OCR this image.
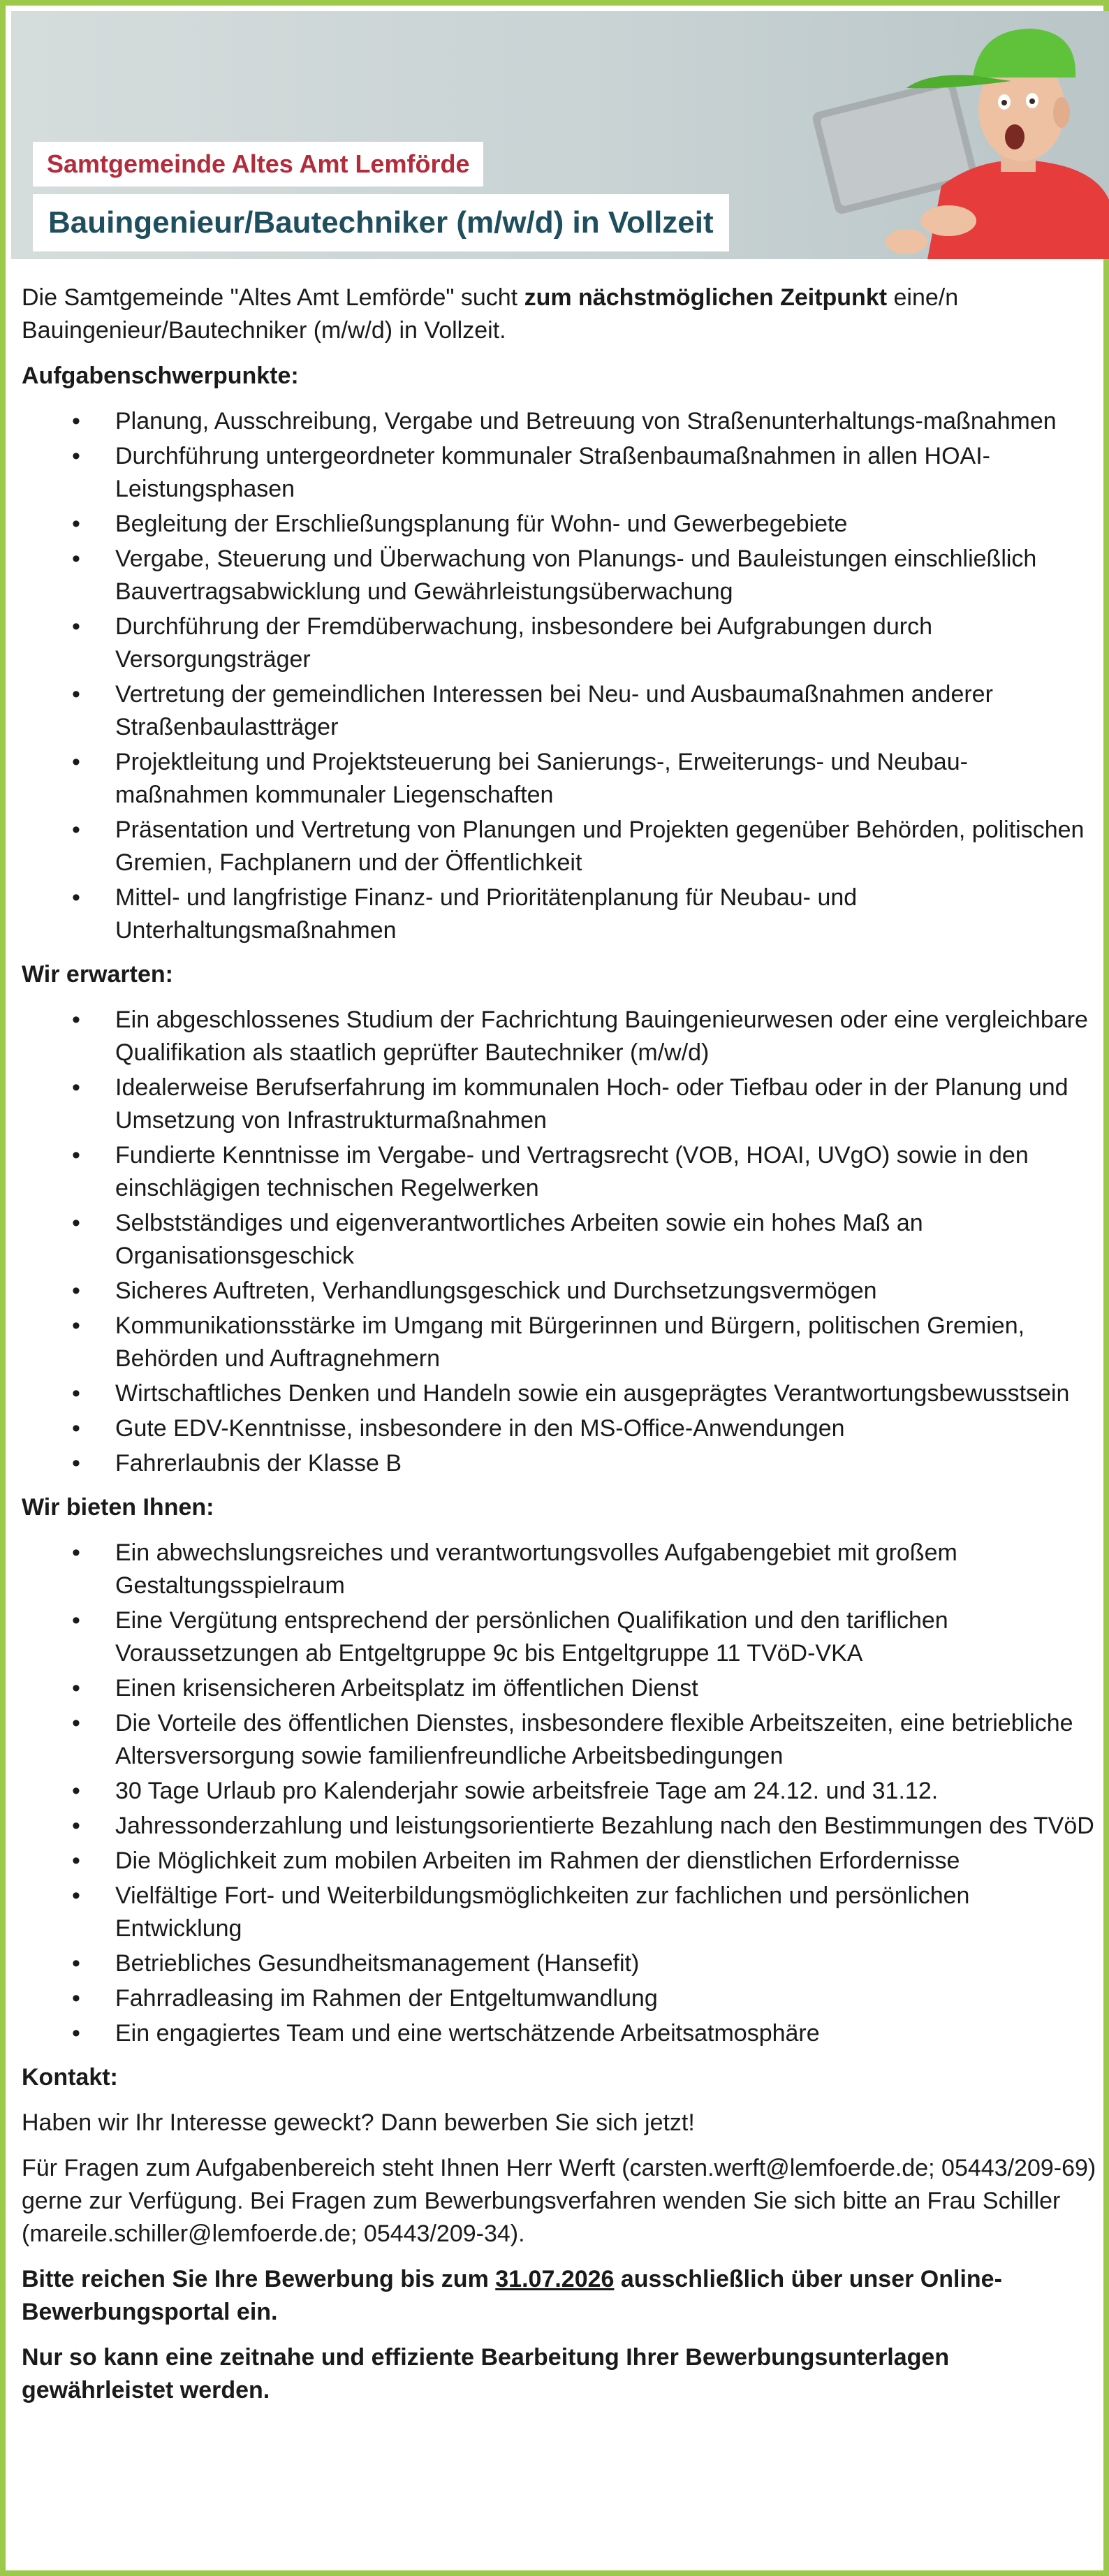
Samtgemeinde Altes Amt Lemförde
Bauingenieur/Bautechniker (m/w/d) in Vollzeit

Die Samtgemeinde "Altes Amt Lemförde" sucht zum nächstmöglichen Zeitpunkt eine/n Bauingenieur/Bautechniker (m/w/d) in Vollzeit.

Aufgabenschwerpunkte:

• Planung, Ausschreibung, Vergabe und Betreuung von Straßenunterhaltungs-maßnahmen
• Durchführung untergeordneter kommunaler Straßenbaumaßnahmen in allen HOAI-Leistungsphasen
• Begleitung der Erschließungsplanung für Wohn- und Gewerbegebiete
• Vergabe, Steuerung und Überwachung von Planungs- und Bauleistungen einschließlich Bauvertragsabwicklung und Gewährleistungsüberwachung
• Durchführung der Fremdüberwachung, insbesondere bei Aufgrabungen durch Versorgungsträger
• Vertretung der gemeindlichen Interessen bei Neu- und Ausbaumaßnahmen anderer Straßenbaulastträger
• Projektleitung und Projektsteuerung bei Sanierungs-, Erweiterungs- und Neubau-maßnahmen kommunaler Liegenschaften
• Präsentation und Vertretung von Planungen und Projekten gegenüber Behörden, politischen Gremien, Fachplanern und der Öffentlichkeit
• Mittel- und langfristige Finanz- und Prioritätenplanung für Neubau- und Unterhaltungsmaßnahmen

Wir erwarten:

• Ein abgeschlossenes Studium der Fachrichtung Bauingenieurwesen oder eine vergleichbare Qualifikation als staatlich geprüfter Bautechniker (m/w/d)
• Idealerweise Berufserfahrung im kommunalen Hoch- oder Tiefbau oder in der Planung und Umsetzung von Infrastrukturmaßnahmen
• Fundierte Kenntnisse im Vergabe- und Vertragsrecht (VOB, HOAI, UVgO) sowie in den einschlägigen technischen Regelwerken
• Selbstständiges und eigenverantwortliches Arbeiten sowie ein hohes Maß an Organisationsgeschick
• Sicheres Auftreten, Verhandlungsgeschick und Durchsetzungsvermögen
• Kommunikationsstärke im Umgang mit Bürgerinnen und Bürgern, politischen Gremien, Behörden und Auftragnehmern
• Wirtschaftliches Denken und Handeln sowie ein ausgeprägtes Verantwortungsbewusstsein
• Gute EDV-Kenntnisse, insbesondere in den MS-Office-Anwendungen
• Fahrerlaubnis der Klasse B

Wir bieten Ihnen:

• Ein abwechslungsreiches und verantwortungsvolles Aufgabengebiet mit großem Gestaltungsspielraum
• Eine Vergütung entsprechend der persönlichen Qualifikation und den tariflichen Voraussetzungen ab Entgeltgruppe 9c bis Entgeltgruppe 11 TVöD-VKA
• Einen krisensicheren Arbeitsplatz im öffentlichen Dienst
• Die Vorteile des öffentlichen Dienstes, insbesondere flexible Arbeitszeiten, eine betriebliche Altersversorgung sowie familienfreundliche Arbeitsbedingungen
• 30 Tage Urlaub pro Kalenderjahr sowie arbeitsfreie Tage am 24.12. und 31.12.
• Jahressonderzahlung und leistungsorientierte Bezahlung nach den Bestimmungen des TVöD
• Die Möglichkeit zum mobilen Arbeiten im Rahmen der dienstlichen Erfordernisse
• Vielfältige Fort- und Weiterbildungsmöglichkeiten zur fachlichen und persönlichen Entwicklung
• Betriebliches Gesundheitsmanagement (Hansefit)
• Fahrradleasing im Rahmen der Entgeltumwandlung
• Ein engagiertes Team und eine wertschätzende Arbeitsatmosphäre

Kontakt:

Haben wir Ihr Interesse geweckt? Dann bewerben Sie sich jetzt!

Für Fragen zum Aufgabenbereich steht Ihnen Herr Werft (carsten.werft@lemfoerde.de; 05443/209-69) gerne zur Verfügung. Bei Fragen zum Bewerbungsverfahren wenden Sie sich bitte an Frau Schiller (mareile.schiller@lemfoerde.de; 05443/209-34).

Bitte reichen Sie Ihre Bewerbung bis zum 31.07.2026 ausschließlich über unser Online-Bewerbungsportal ein.

Nur so kann eine zeitnahe und effiziente Bearbeitung Ihrer Bewerbungsunterlagen gewährleistet werden.
